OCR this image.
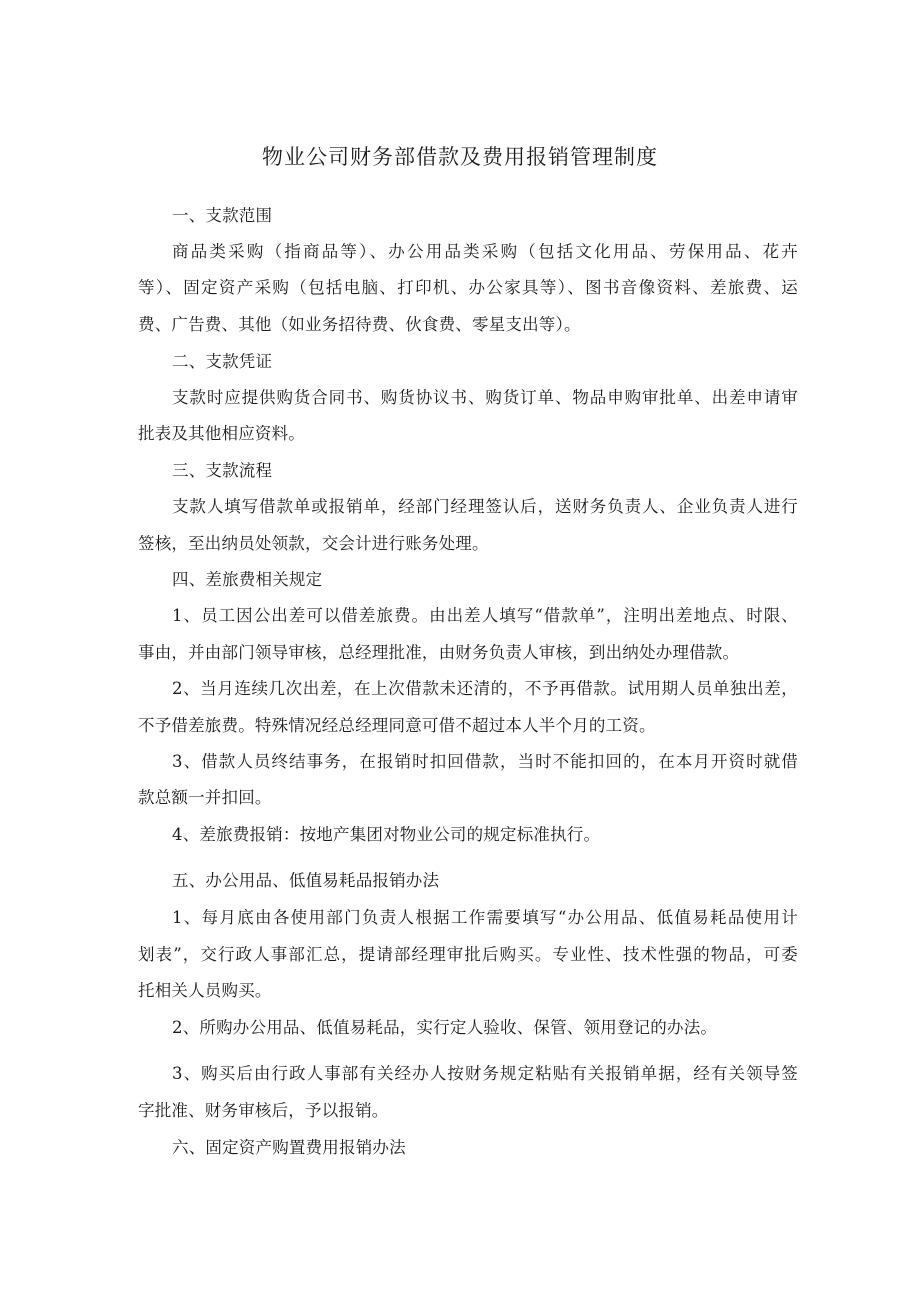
物业公司财务部借款及费用报销管理制度
一、支款范围
商品类采购（指商品等）、办公用品类采购（包括文化用品、劳保用品、花卉
等）、固定资产采购（包括电脑、打印机、办公家具等）、图书音像资料、差旅费、运
费、广告费、其他（如业务招待费、伙食费、零星支出等）。
二、支款凭证
支款时应提供购货合同书、购货协议书、购货订单、物品申购审批单、出差申请审
批表及其他相应资料。
三、支款流程
支款人填写借款单或报销单，经部门经理签认后，送财务负责人、企业负责人进行
签核，至出纳员处领款，交会计进行账务处理。
四、差旅费相关规定
1、员工因公出差可以借差旅费。由出差人填写“借款单”，注明出差地点、时限、
事由，并由部门领导审核，总经理批准，由财务负责人审核，到出纳处办理借款。
2、当月连续几次出差，在上次借款未还清的，不予再借款。试用期人员单独出差，
不予借差旅费。特殊情况经总经理同意可借不超过本人半个月的工资。
3、借款人员终结事务，在报销时扣回借款，当时不能扣回的，在本月开资时就借
款总额一并扣回。
4、差旅费报销：按地产集团对物业公司的规定标准执行。
五、办公用品、低值易耗品报销办法
1、每月底由各使用部门负责人根据工作需要填写“办公用品、低值易耗品使用计
划表”，交行政人事部汇总，提请部经理审批后购买。专业性、技术性强的物品，可委
托相关人员购买。
2、所购办公用品、低值易耗品，实行定人验收、保管、领用登记的办法。
3、购买后由行政人事部有关经办人按财务规定粘贴有关报销单据，经有关领导签
字批准、财务审核后，予以报销。
六、固定资产购置费用报销办法
